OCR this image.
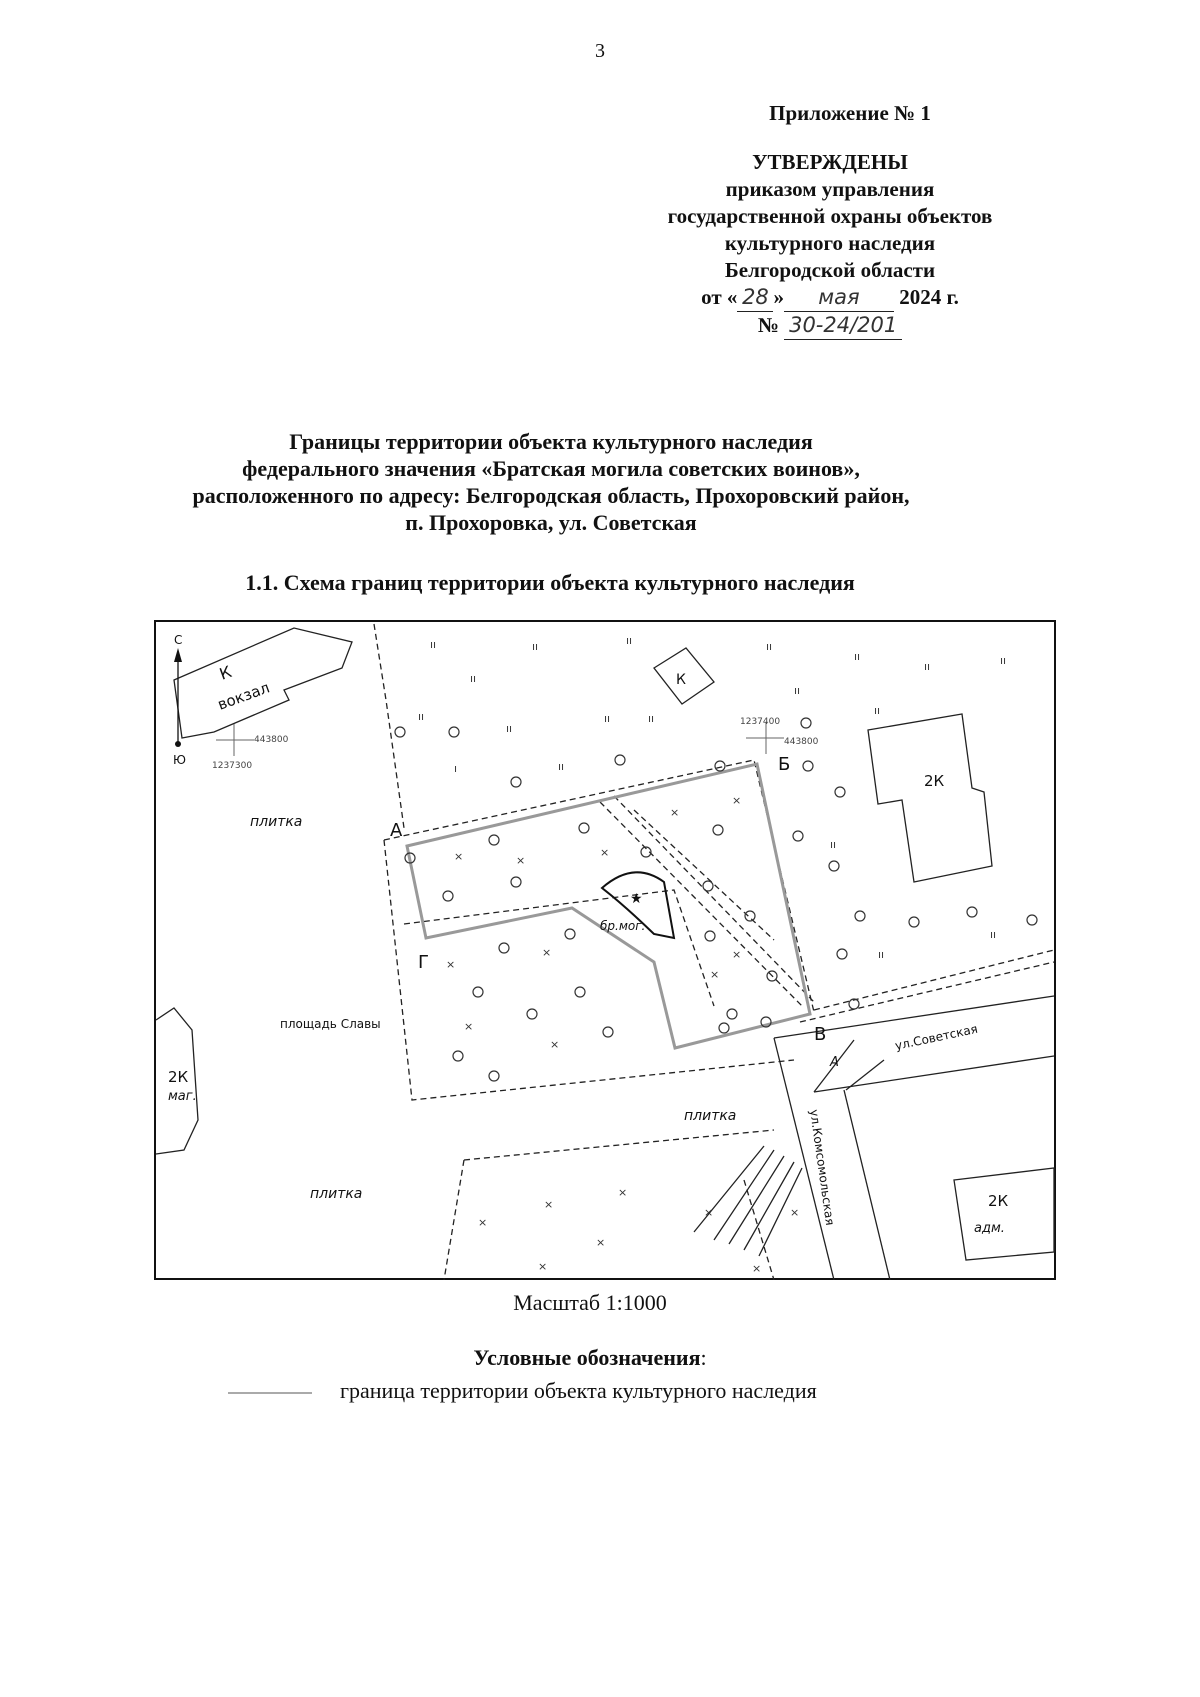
3
Приложение № 1
УТВЕРЖДЕНЫ
приказом управления
государственной охраны объектов
культурного наследия
Белгородской области
от « 28 » мая 2024 г.
№ 30-24/201
Границы территории объекта культурного наследия
федерального значения «Братская могила советских воинов»,
расположенного по адресу: Белгородская область, Прохоровский район,
п. Прохоровка, ул. Советская
1.1. Схема границ территории объекта культурного наследия
★
ıı	ıı	ıı	ıı
ıı
ıı	ıı
ıı
ıı
ıı
ıı
ıı
ıı	ıı
ıı
ı
ıı
ıı
ıı
×	×
×
×
×
×
×
×
×
×
×
×
×
×
×
×
×
×
×
С
Ю
443800
1237300
1237400
443800
К
вокзал	К
2К
2К
маг.
2К
адм.
плитка
плитка
плитка
площадь Славы
бр.мог.
ул.Советская
ул.Комсомольская
А
А
Б
В
Г
Масштаб 1:1000
Условные обозначения:
граница территории объекта культурного наследия
